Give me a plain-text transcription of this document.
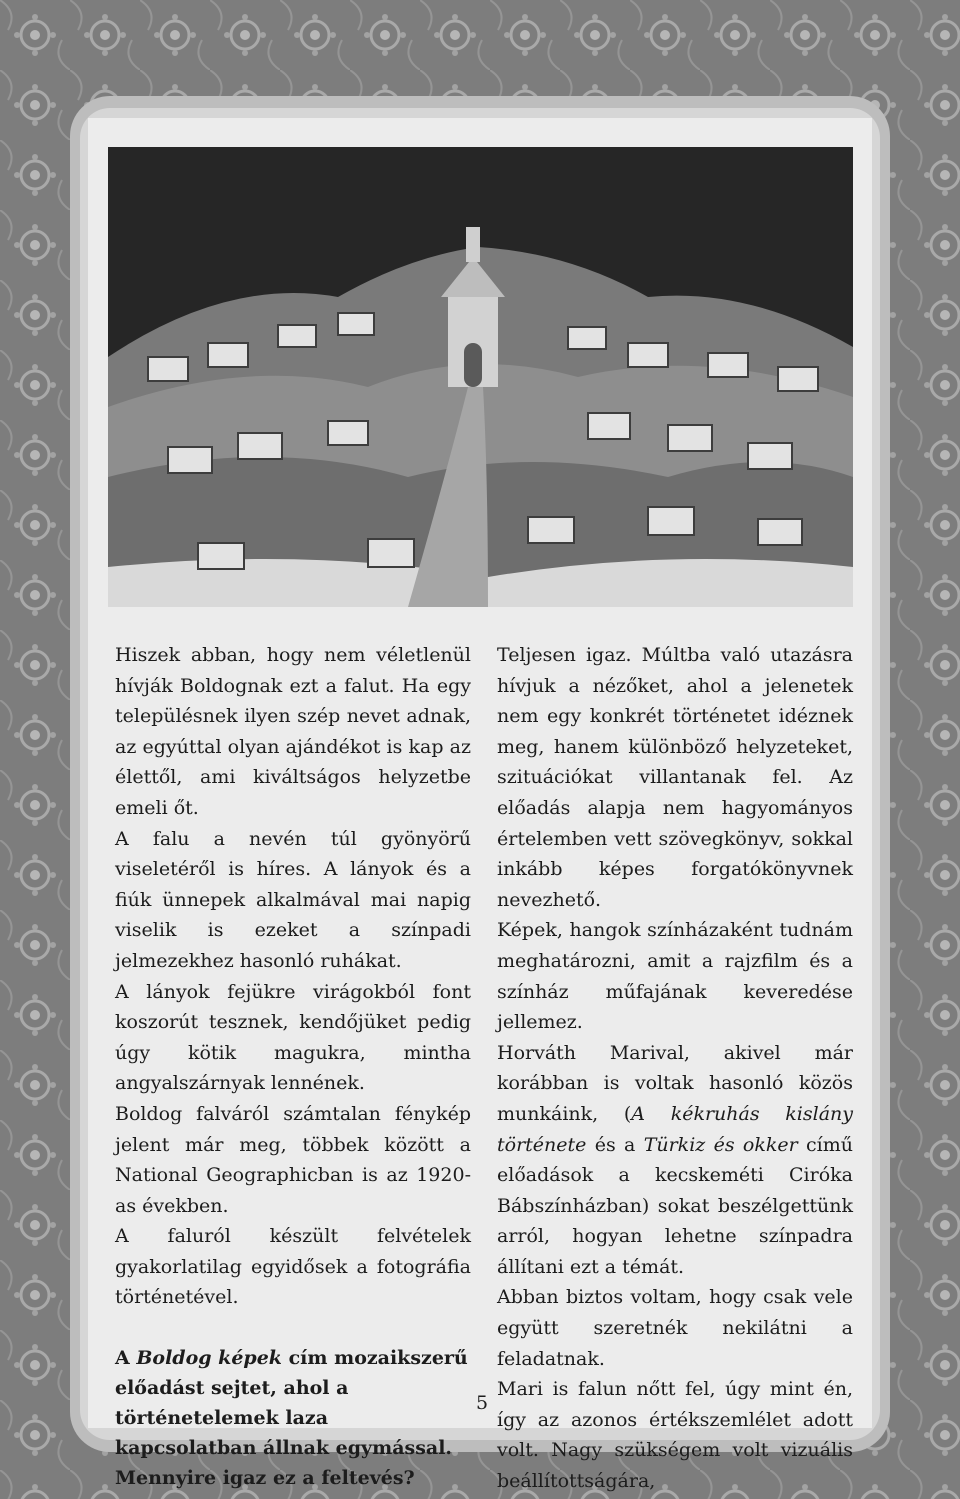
Hiszek abban, hogy nem véletlenül hívják Boldognak ezt a falut. Ha egy településnek ilyen szép nevet adnak, az egyúttal olyan ajándékot is kap az élettől, ami kiváltságos helyzetbe emeli őt.

A falu a nevén túl gyönyörű viseletéről is híres. A lányok és a fiúk ünnepek alkalmával mai napig viselik is ezeket a színpadi jelmezekhez hasonló ruhákat.

A lányok fejükre virágokból font koszorút tesznek, kendőjüket pedig úgy kötik magukra, mintha angyalszárnyak lennének.

Boldog falváról számtalan fénykép jelent már meg, többek között a National Geographicban is az 1920-as években.

A faluról készült felvételek gyakorlatilag egyidősek a fotográfia történetével.

A Boldog képek cím mozaikszerű előadást sejtet, ahol a történetelemek laza kapcsolatban állnak egymással. Mennyire igaz ez a feltevés?

Teljesen igaz. Múltba való utazásra hívjuk a nézőket, ahol a jelenetek nem egy konkrét történetet idéznek meg, hanem különböző helyzeteket, szituációkat villantanak fel. Az előadás alapja nem hagyományos értelemben vett szövegkönyv, sokkal inkább képes forgatókönyvnek nevezhető.

Képek, hangok színházaként tudnám meghatározni, amit a rajzfilm és a színház műfajának keveredése jellemez.

Horváth Marival, akivel már korábban is voltak hasonló közös munkáink, (A kékruhás kislány története és a Türkiz és okker című előadások a kecskeméti Ciróka Bábszínházban) sokat beszélgettünk arról, hogyan lehetne színpadra állítani ezt a témát.

Abban biztos voltam, hogy csak vele együtt szeretnék nekilátni a feladatnak.

Mari is falun nőtt fel, úgy mint én, így az azonos értékszemlélet adott volt. Nagy szükségem volt vizuális beállítottságára,

5
